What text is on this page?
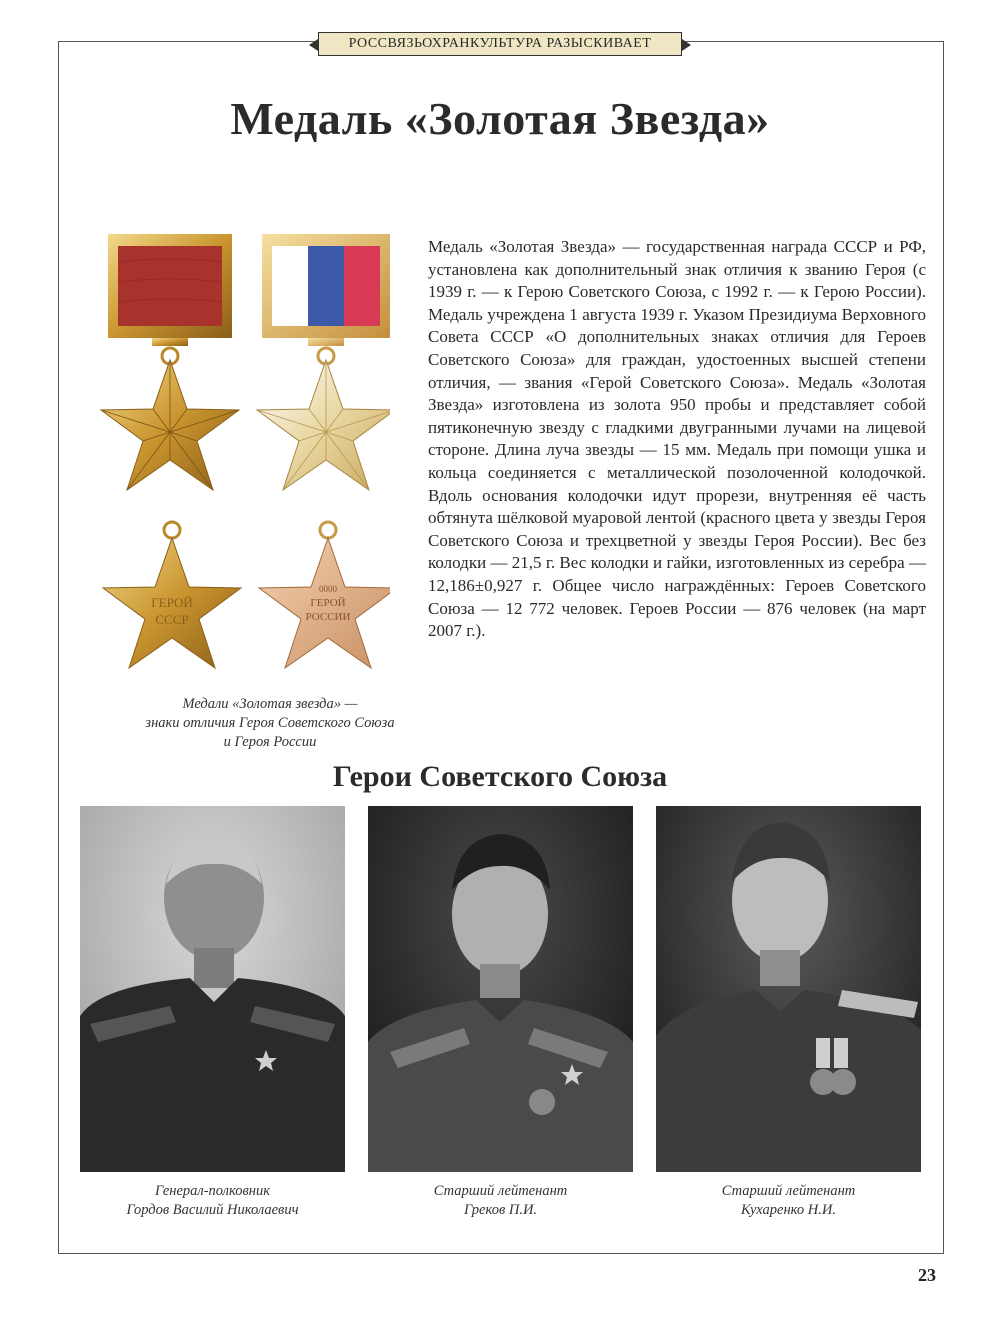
РОССВЯЗЬОХРАНКУЛЬТУРА РАЗЫСКИВАЕТ
Медаль «Золотая Звезда»
ГЕРОЙ
СССР
0000
ГЕРОЙ
РОССИИ
Медали «Золотая звезда» —
знаки отличия Героя Советского Союза
и Героя России
Медаль «Золотая Звезда» — государственная награда СССР и РФ, установлена как дополнительный знак отличия к званию Героя (с 1939 г. — к Герою Советского Союза, с 1992 г. — к Герою России). Медаль учреждена 1 августа 1939 г. Указом Президиума Верховного Совета СССР «О дополнительных знаках отличия для Героев Советского Союза» для граждан, удостоенных высшей степени отличия, — звания «Герой Советского Союза». Медаль «Золотая Звезда» изготовлена из золота 950 пробы и представляет собой пятиконечную звезду с гладкими двугранными лучами на лицевой стороне. Длина луча звезды — 15 мм. Медаль при помощи ушка и кольца соединяется с металлической позолоченной колодочкой. Вдоль основания колодочки идут прорези, внутренняя её часть обтянута шёлковой муаровой лентой (красного цвета у звезды Героя Советского Союза и трехцветной у звезды Героя России). Вес без колодки — 21,5 г. Вес колодки и гайки, изготовленных из серебра — 12,186±0,927 г. Общее число награждённых: Героев Советского Союза — 12 772 человек. Героев России — 876 человек (на март 2007 г.).
Герои Советского Союза
Генерал-полковник
Гордов Василий Николаевич
Старший лейтенант
Греков П.И.
Старший лейтенант
Кухаренко Н.И.
23
